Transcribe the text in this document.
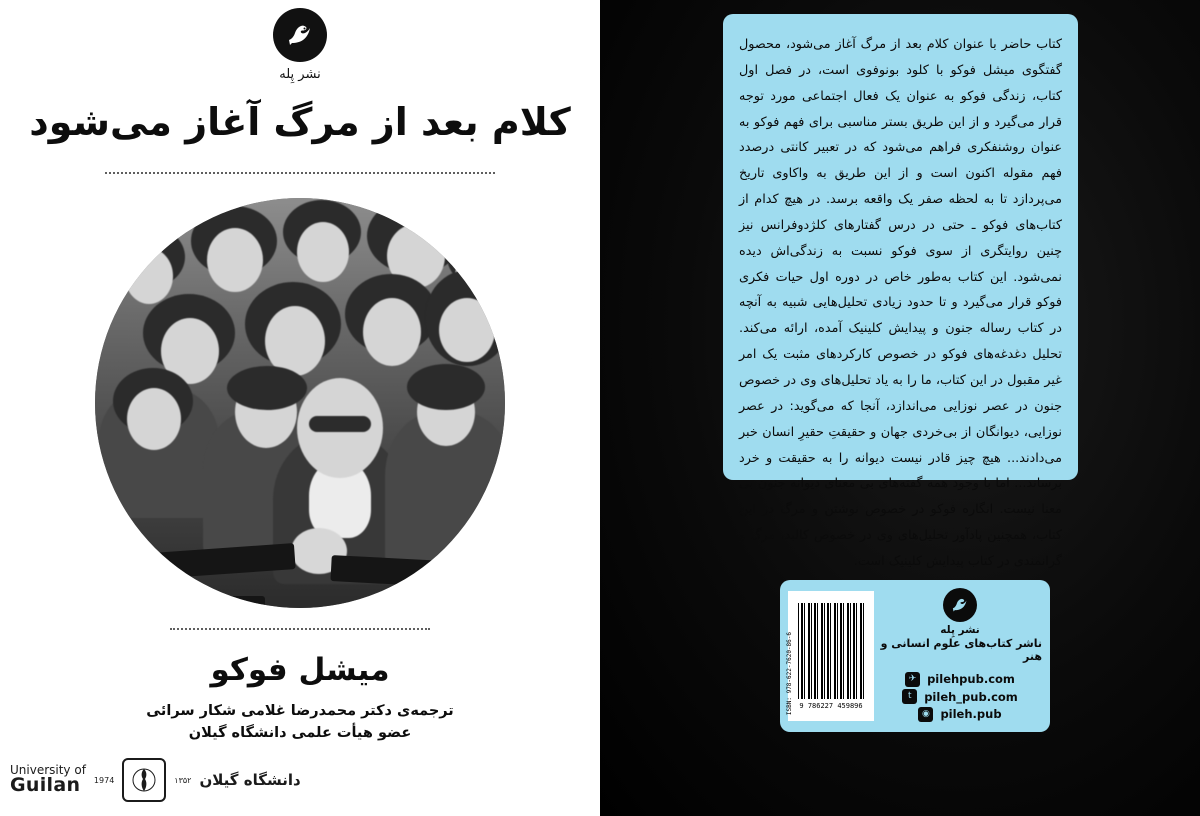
نشر پِله
کلام بعد از مرگ آغاز می‌شود
میشل فوکو
ترجمه‌ی دکتر محمدرضا غلامی شکار سرائی
عضو هیأت علمی دانشگاه گیلان
University of
Guilan 1974	۱۳۵۲ دانشگاه گیلان
کتاب حاضر با عنوان کلام بعد از مرگ آغاز می‌شود، محصول گفتگوی میشل فوکو با کلود بونوفوی است، در فصل اول کتاب، زندگی فوکو به عنوان یک فعال اجتماعی مورد توجه قرار می‌گیرد و از این طریق بستر مناسبی برای فهم فوکو به عنوان روشنفکری فراهم می‌شود که در تعبیر کانتی درصدد فهم مقوله اکنون است و از این طریق به واکاوی تاریخ می‌پردازد تا به لحظه صفر یک واقعه برسد. در هیچ کدام از کتاب‌های فوکو ـ حتی در درس گفتارهای کلژدوفرانس نیز چنین روایتگری از سوی فوکو نسبت به زندگی‌اش دیده نمی‌شود. این کتاب به‌طور خاص در دوره اول حیات فکری فوکو قرار می‌گیرد و تا حدود زیادی تحلیل‌هایی شبیه به آنچه در کتاب رساله جنون و پیدایش کلینیک آمده، ارائه می‌کند. تحلیل دغدغه‌های فوکو در خصوص کارکردهای مثبت یک امر غیر مقبول در این کتاب، ما را به یاد تحلیل‌های وی در خصوص جنون در عصر نوزایی می‌اندازد، آنجا که می‌گوید: در عصر نوزایی، دیوانگان از بی‌خردی جهان و حقیقتِ حقیرِ انسان خبر می‌دادند... هیچ چیز قادر نیست دیوانه را به حقیقت و خرد برساند... اما با وجود همه گفته‌های بی معنای دیوانه جنون بی معنا نیست. انگاره فوکو در خصوص نوشتن و مرگ در این کتاب، همچنین پادآور تحلیل‌های وی در خصوص کالبد، مرگ و گرانمندی در کتاب پیدایش کلینیک است.
9 786227 459896
ISBN: 978-622-7620-86-6
نشر پِله
ناشر کتاب‌های علوم انسانی و هنر
✈ pilehpub.com
t	pileh_pub.com
◉ pileh.pub
